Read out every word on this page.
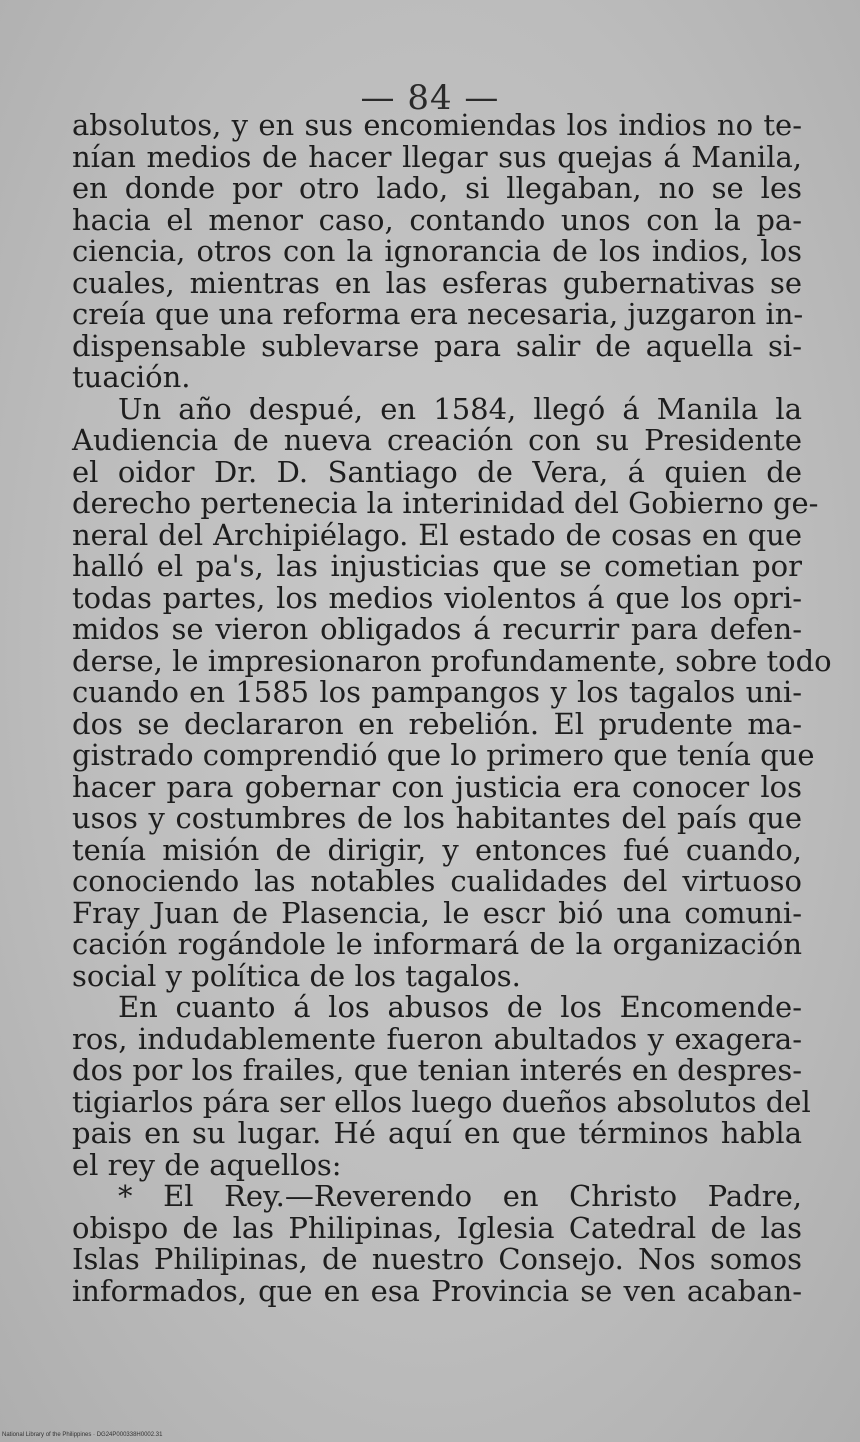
— 84 —
absolutos, y en sus encomiendas los indios no te-
nían medios de hacer llegar sus quejas á Manila,
en donde por otro lado, si llegaban, no se les
hacia el menor caso, contando unos con la pa-
ciencia, otros con la ignorancia de los indios, los
cuales, mientras en las esferas gubernativas se
creía que una reforma era necesaria, juzgaron in-
dispensable sublevarse para salir de aquella si-
tuación.
Un año despué, en 1584, llegó á Manila la
Audiencia de nueva creación con su Presidente
el oidor Dr. D. Santiago de Vera, á quien de
derecho pertenecia la interinidad del Gobierno ge-
neral del Archipiélago. El estado de cosas en que
halló el pa's, las injusticias que se cometian por
todas partes, los medios violentos á que los opri-
midos se vieron obligados á recurrir para defen-
derse, le impresionaron profundamente, sobre todo
cuando en 1585 los pampangos y los tagalos uni-
dos se declararon en rebelión. El prudente ma-
gistrado comprendió que lo primero que tenía que
hacer para gobernar con justicia era conocer los
usos y costumbres de los habitantes del país que
tenía misión de dirigir, y entonces fué cuando,
conociendo las notables cualidades del virtuoso
Fray Juan de Plasencia, le escr bió una comuni-
cación rogándole le informará de la organización
social y política de los tagalos.
En cuanto á los abusos de los Encomende-
ros, indudablemente fueron abultados y exagera-
dos por los frailes, que tenian interés en despres-
tigiarlos pára ser ellos luego dueños absolutos del
pais en su lugar. Hé aquí en que términos habla
el rey de aquellos:
* El Rey.—Reverendo en Christo Padre,
obispo de las Philipinas, Iglesia Catedral de las
Islas Philipinas, de nuestro Consejo. Nos somos
informados, que en esa Provincia se ven acaban-
National Library of the Philippines · DG24P000338H0002.31
